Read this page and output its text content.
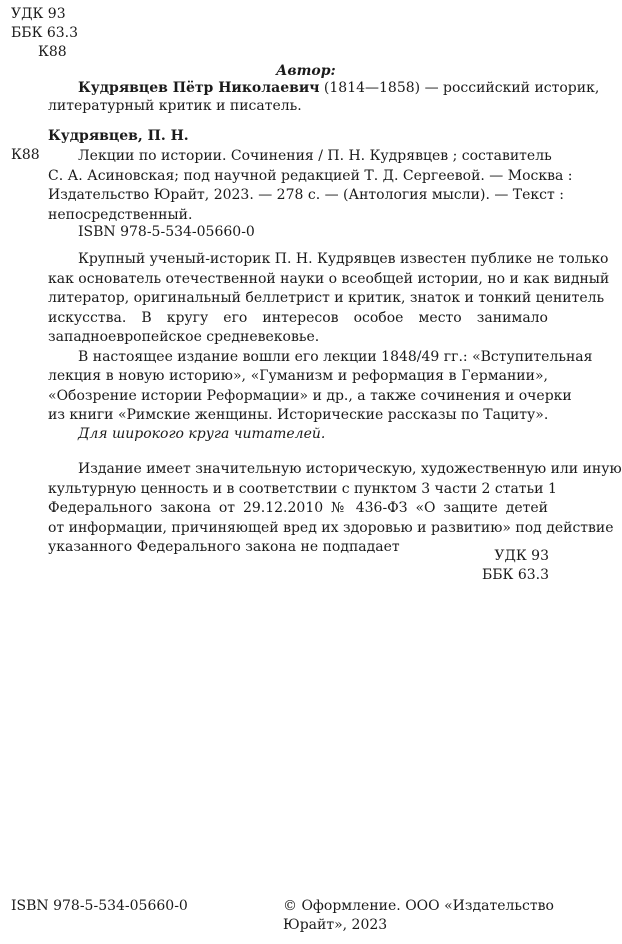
УДК 93
ББК 63.3
К88
Автор:
Кудрявцев Пётр Николаевич (1814—1858) — российский историк,
литературный критик и писатель.
Кудрявцев, П. Н.
К88	Лекции по истории. Сочинения / П. Н. Кудрявцев ; составитель
С. А. Асиновская; под научной редакцией Т. Д. Сергеевой. — Москва :
Издательство Юрайт, 2023. — 278 с. — (Антология мысли). — Текст :
непосредственный.
ISBN 978-5-534-05660-0
Крупный ученый-историк П. Н. Кудрявцев известен публике не только
как основатель отечественной науки о всеобщей истории, но и как видный
литератор, оригинальный беллетрист и критик, знаток и тонкий ценитель
искусства. В кругу его интересов особое место занимало
западноевропейское средневековье.
В настоящее издание вошли его лекции 1848/49 гг.: «Вступительная
лекция в новую историю», «Гуманизм и реформация в Германии»,
«Обозрение истории Реформации» и др., а также сочинения и очерки
из книги «Римские женщины. Исторические рассказы по Тациту».
Для широкого круга читателей.
Издание имеет значительную историческую, художественную или иную
культурную ценность и в соответствии с пунктом 3 части 2 статьи 1
Федерального закона от 29.12.2010 № 436-ФЗ «О защите детей
от информации, причиняющей вред их здоровью и развитию» под действие
указанного Федерального закона не подпадает
УДК 93
ББК 63.3
ISBN 978-5-534-05660-0	© Оформление. ООО «Издательство
Юрайт», 2023
